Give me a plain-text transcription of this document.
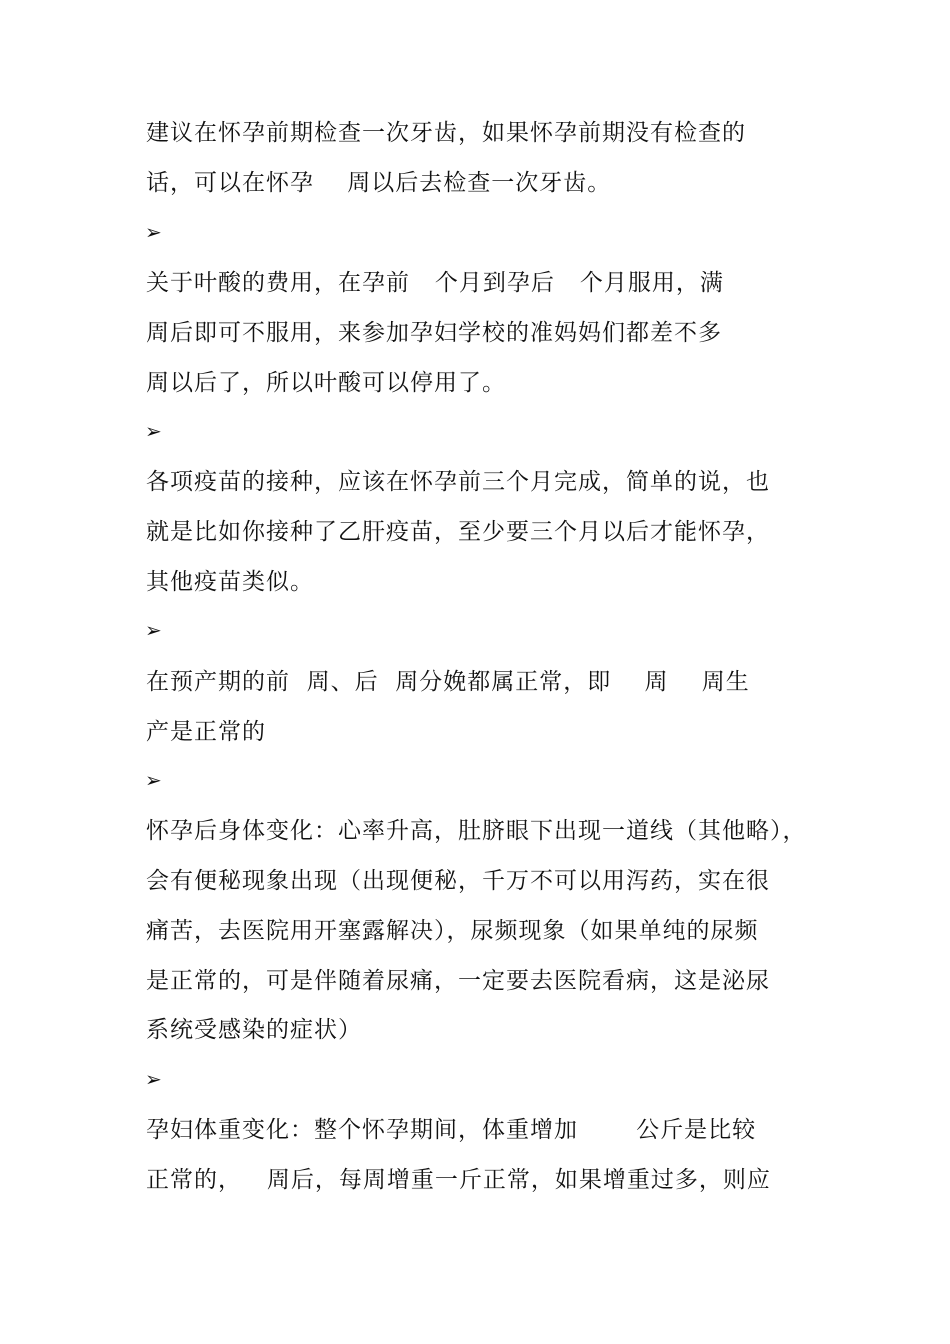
建议在怀孕前期检查一次牙齿，如果怀孕前期没有检查的
话，可以在怀孕    周以后去检查一次牙齿。
➢
关于叶酸的费用，在孕前   个月到孕后   个月服用，满
周后即可不服用，来参加孕妇学校的准妈妈们都差不多
周以后了，所以叶酸可以停用了。
➢
各项疫苗的接种，应该在怀孕前三个月完成，简单的说，也
就是比如你接种了乙肝疫苗，至少要三个月以后才能怀孕，
其他疫苗类似。
➢
在预产期的前  周、后  周分娩都属正常，即    周    周生
产是正常的
➢
怀孕后身体变化：心率升高，肚脐眼下出现一道线（其他略），
会有便秘现象出现（出现便秘，千万不可以用泻药，实在很
痛苦，去医院用开塞露解决），尿频现象（如果单纯的尿频
是正常的，可是伴随着尿痛，一定要去医院看病，这是泌尿
系统受感染的症状）
➢
孕妇体重变化：整个怀孕期间，体重增加       公斤是比较
正常的，   周后，每周增重一斤正常，如果增重过多，则应
